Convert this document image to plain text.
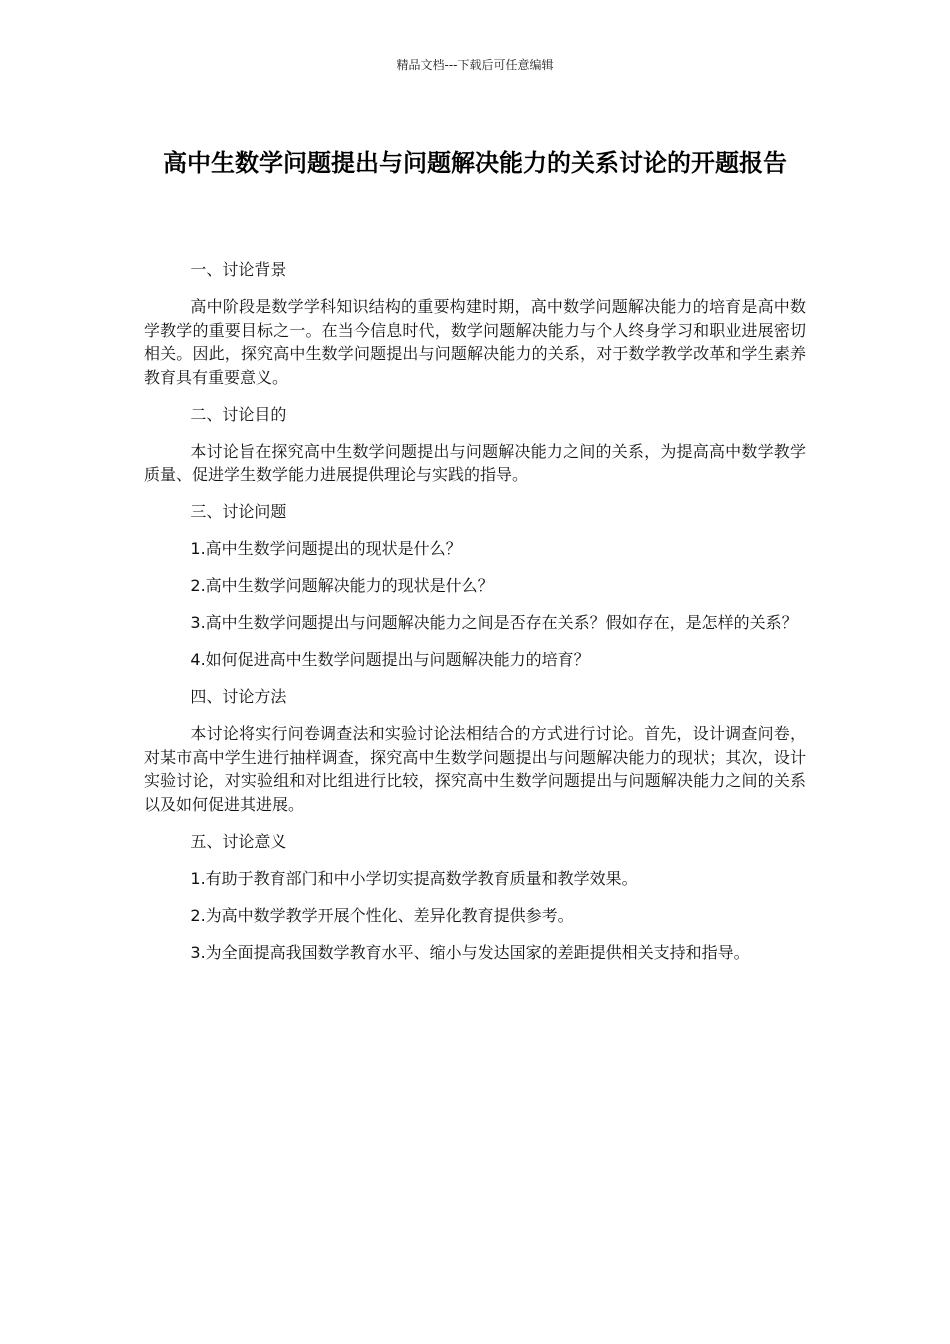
精品文档---下载后可任意编辑
高中生数学问题提出与问题解决能力的关系讨论的开题报告

一、讨论背景

高中阶段是数学学科知识结构的重要构建时期，高中数学问题解决能力的培育是高中数学教学的重要目标之一。在当今信息时代，数学问题解决能力与个人终身学习和职业进展密切相关。因此，探究高中生数学问题提出与问题解决能力的关系，对于数学教学改革和学生素养教育具有重要意义。

二、讨论目的

本讨论旨在探究高中生数学问题提出与问题解决能力之间的关系，为提高高中数学教学质量、促进学生数学能力进展提供理论与实践的指导。

三、讨论问题

1.高中生数学问题提出的现状是什么？

2.高中生数学问题解决能力的现状是什么？

3.高中生数学问题提出与问题解决能力之间是否存在关系？假如存在，是怎样的关系？

4.如何促进高中生数学问题提出与问题解决能力的培育？

四、讨论方法

本讨论将实行问卷调查法和实验讨论法相结合的方式进行讨论。首先，设计调查问卷，对某市高中学生进行抽样调查，探究高中生数学问题提出与问题解决能力的现状；其次，设计实验讨论，对实验组和对比组进行比较，探究高中生数学问题提出与问题解决能力之间的关系以及如何促进其进展。

五、讨论意义

1.有助于教育部门和中小学切实提高数学教育质量和教学效果。

2.为高中数学教学开展个性化、差异化教育提供参考。

3.为全面提高我国数学教育水平、缩小与发达国家的差距提供相关支持和指导。
